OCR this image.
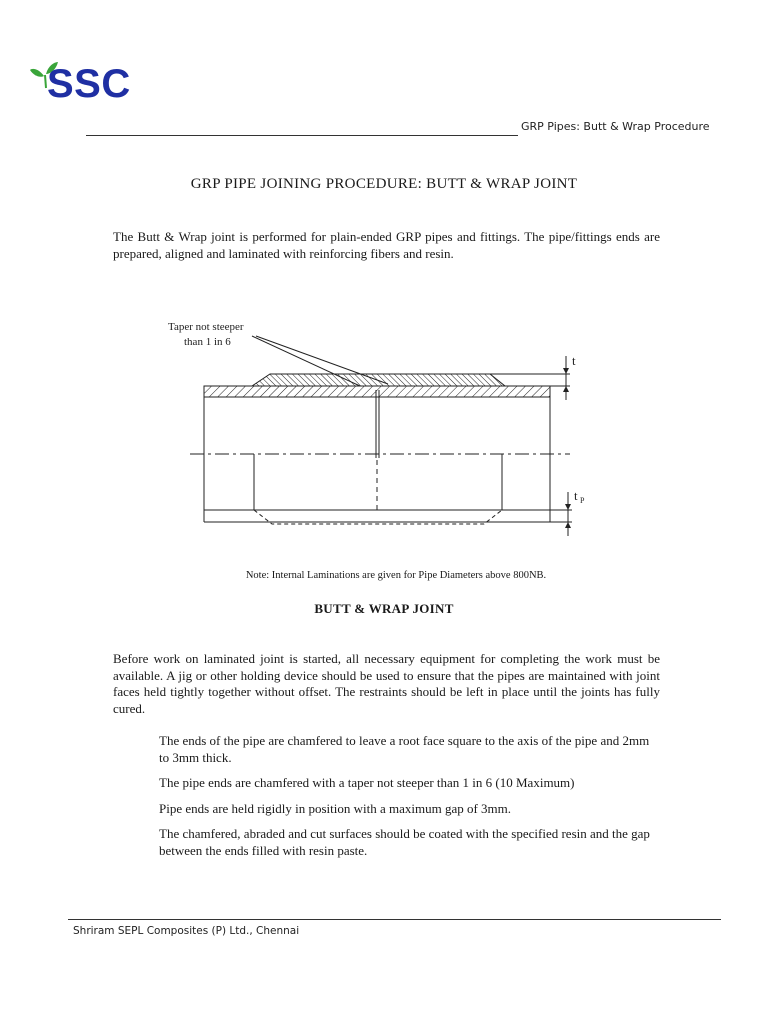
SSC
GRP Pipes: Butt & Wrap Procedure
GRP PIPE JOINING PROCEDURE: BUTT & WRAP JOINT
The Butt & Wrap joint is performed for plain-ended GRP pipes and fittings. The pipe/fittings ends are prepared, aligned and laminated with reinforcing fibers and resin.
Taper not steeper
than 1 in 6
t
t P
Note: Internal Laminations are given for Pipe Diameters above 800NB.
BUTT & WRAP JOINT
Before work on laminated joint is started, all necessary equipment for completing the work must be available. A jig or other holding device should be used to ensure that the pipes are maintained with joint faces held tightly together without offset. The restraints should be left in place until the joints has fully cured.
The ends of the pipe are chamfered to leave a root face square to the axis of the pipe and 2mm to 3mm thick.
The pipe ends are chamfered with a taper not steeper than 1 in 6 (10 Maximum)
Pipe ends are held rigidly in position with a maximum gap of 3mm.
The chamfered, abraded and cut surfaces should be coated with the specified resin and the gap between the ends filled with resin paste.
Shriram SEPL Composites (P) Ltd., Chennai
